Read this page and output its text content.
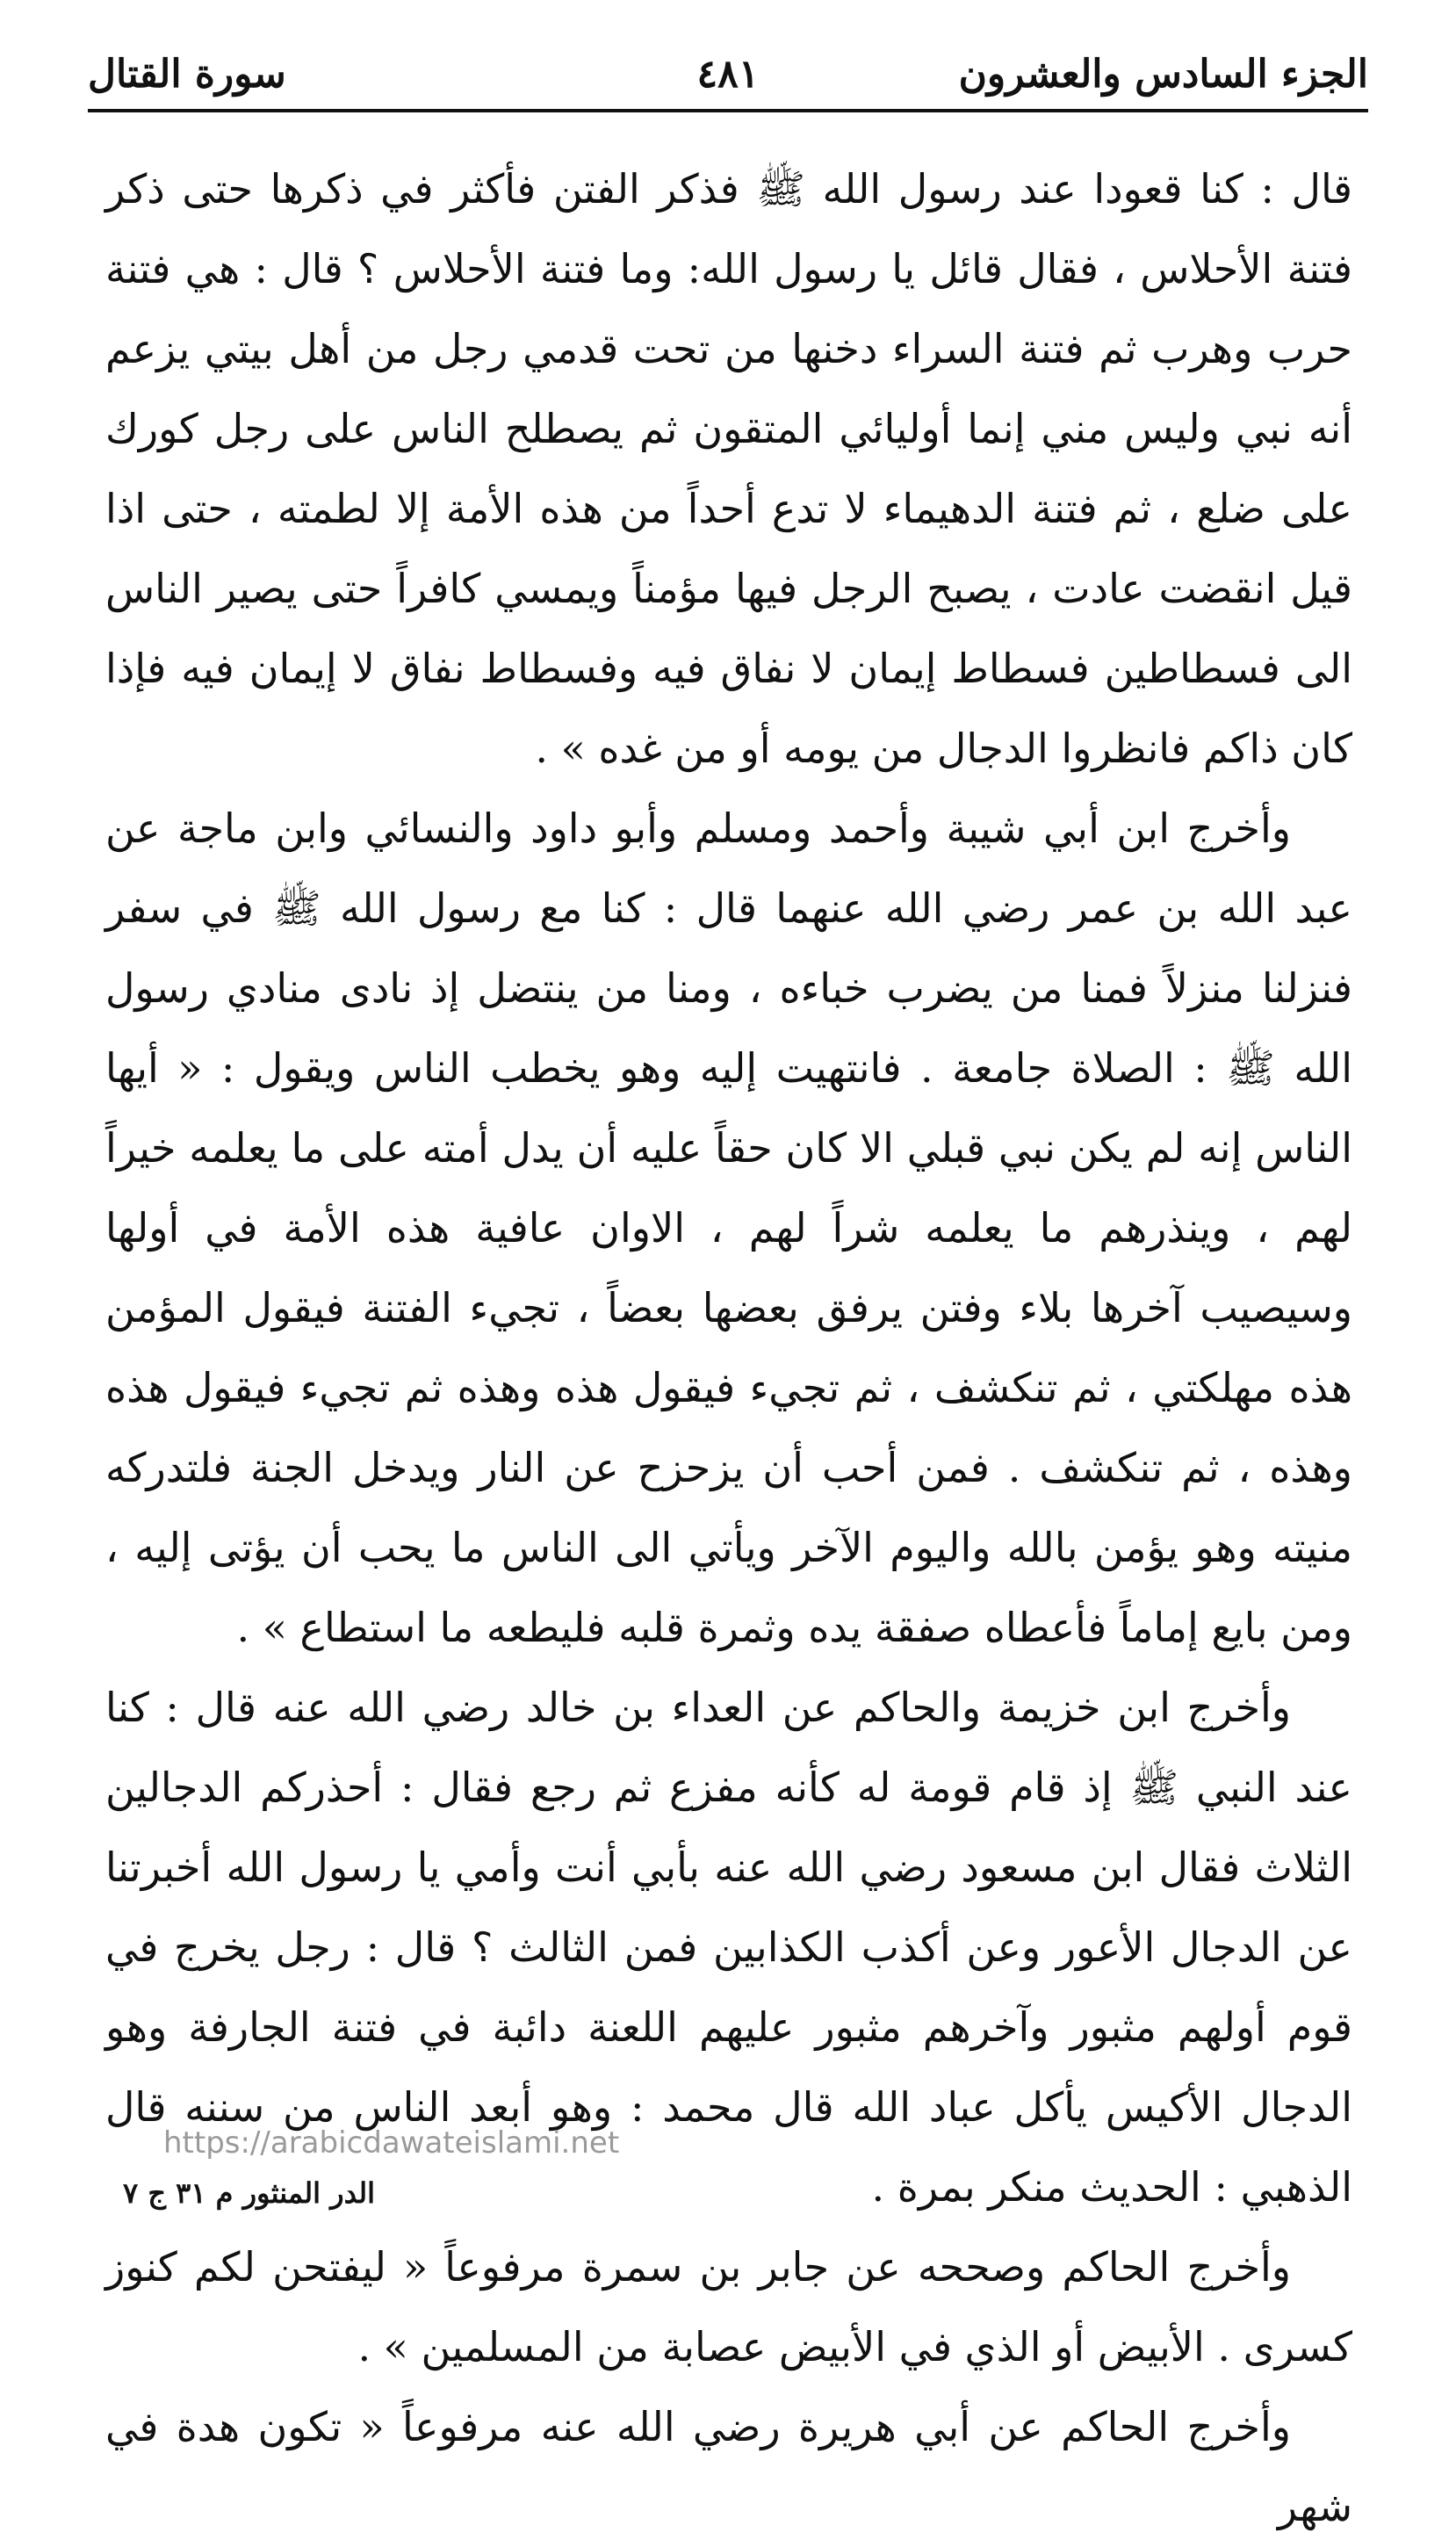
الجزء السادس والعشرون
٤٨١
سورة القتال

قال : كنا قعودا عند رسول الله ﷺ فذكر الفتن فأكثر في ذكرها حتى ذكر فتنة الأحلاس ، فقال قائل يا رسول الله: وما فتنة الأحلاس ؟ قال : هي فتنة حرب وهرب ثم فتنة السراء دخنها من تحت قدمي رجل من أهل بيتي يزعم أنه نبي وليس مني إنما أوليائي المتقون ثم يصطلح الناس على رجل كورك على ضلع ، ثم فتنة الدهيماء لا تدع أحداً من هذه الأمة إلا لطمته ، حتى اذا قيل انقضت عادت ، يصبح الرجل فيها مؤمناً ويمسي كافراً حتى يصير الناس الى فسطاطين فسطاط إيمان لا نفاق فيه وفسطاط نفاق لا إيمان فيه فإذا كان ذاكم فانظروا الدجال من يومه أو من غده » .

وأخرج ابن أبي شيبة وأحمد ومسلم وأبو داود والنسائي وابن ماجة عن عبد الله بن عمر رضي الله عنهما قال : كنا مع رسول الله ﷺ في سفر فنزلنا منزلاً فمنا من يضرب خباءه ، ومنا من ينتضل إذ نادى منادي رسول الله ﷺ : الصلاة جامعة . فانتهيت إليه وهو يخطب الناس ويقول : « أيها الناس إنه لم يكن نبي قبلي الا كان حقاً عليه أن يدل أمته على ما يعلمه خيراً لهم ، وينذرهم ما يعلمه شراً لهم ، الاوان عافية هذه الأمة في أولها وسيصيب آخرها بلاء وفتن يرفق بعضها بعضاً ، تجيء الفتنة فيقول المؤمن هذه مهلكتي ، ثم تنكشف ، ثم تجيء فيقول هذه وهذه ثم تجيء فيقول هذه وهذه ، ثم تنكشف . فمن أحب أن يزحزح عن النار ويدخل الجنة فلتدركه منيته وهو يؤمن بالله واليوم الآخر ويأتي الى الناس ما يحب أن يؤتى إليه ، ومن بايع إماماً فأعطاه صفقة يده وثمرة قلبه فليطعه ما استطاع » .

وأخرج ابن خزيمة والحاكم عن العداء بن خالد رضي الله عنه قال : كنا عند النبي ﷺ إذ قام قومة له كأنه مفزع ثم رجع فقال : أحذركم الدجالين الثلاث فقال ابن مسعود رضي الله عنه بأبي أنت وأمي يا رسول الله أخبرتنا عن الدجال الأعور وعن أكذب الكذابين فمن الثالث ؟ قال : رجل يخرج في قوم أولهم مثبور وآخرهم مثبور عليهم اللعنة دائبة في فتنة الجارفة وهو الدجال الأكيس يأكل عباد الله قال محمد : وهو أبعد الناس من سننه قال الذهبي : الحديث منكر بمرة .

وأخرج الحاكم وصححه عن جابر بن سمرة مرفوعاً « ليفتحن لكم كنوز كسرى . الأبيض أو الذي في الأبيض عصابة من المسلمين » .

وأخرج الحاكم عن أبي هريرة رضي الله عنه مرفوعاً « تكون هدة في شهر

https://arabicdawateislami.net
الدر المنثور م ٣١ ج ٧
